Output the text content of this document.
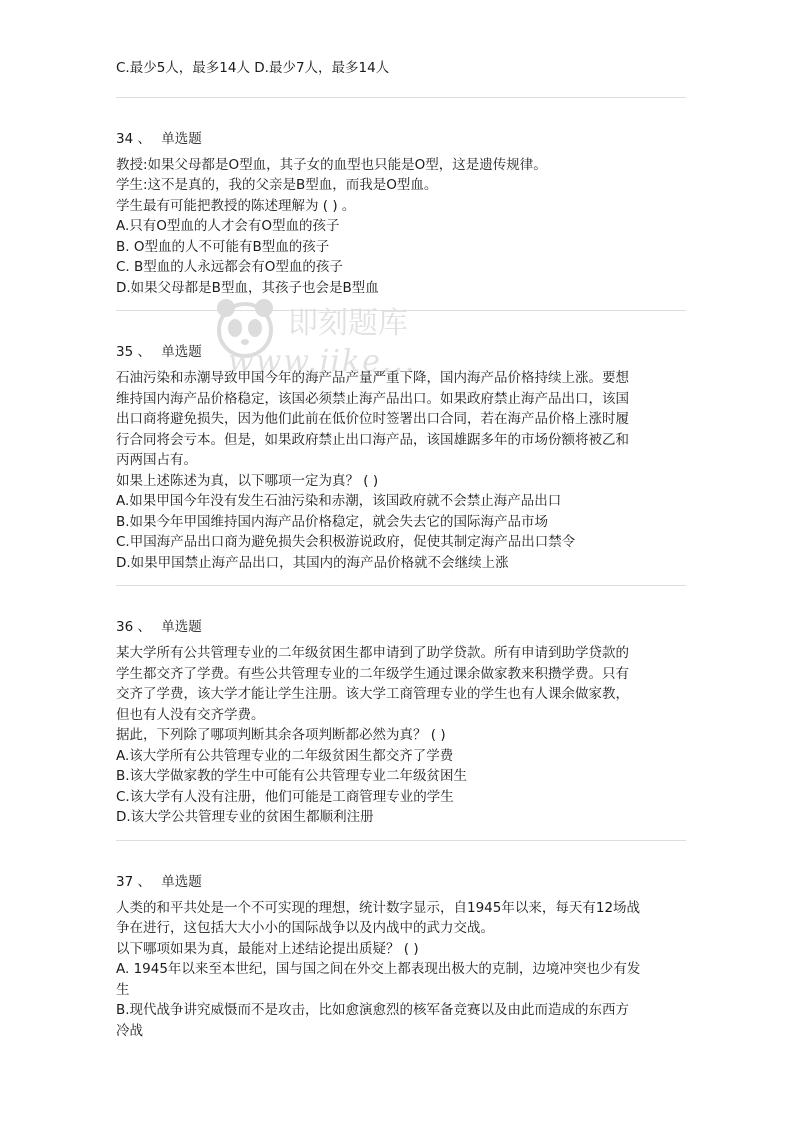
即刻题库
www.jike...
C.最少5人，最多14人 D.最少7人，最多14人
34 、 单选题
教授:如果父母都是O型血，其子女的血型也只能是O型，这是遗传规律。
学生:这不是真的，我的父亲是B型血，而我是O型血。
学生最有可能把教授的陈述理解为 ( ) 。
A.只有O型血的人才会有O型血的孩子
B. O型血的人不可能有B型血的孩子
C. B型血的人永远都会有O型血的孩子
D.如果父母都是B型血，其孩子也会是B型血
35 、 单选题
石油污染和赤潮导致甲国今年的海产品产量严重下降，国内海产品价格持续上涨。要想
维持国内海产品价格稳定，该国必须禁止海产品出口。如果政府禁止海产品出口，该国
出口商将避免损失，因为他们此前在低价位时签署出口合同，若在海产品价格上涨时履
行合同将会亏本。但是，如果政府禁止出口海产品，该国雄踞多年的市场份额将被乙和
丙两国占有。
如果上述陈述为真，以下哪项一定为真？ ( )
A.如果甲国今年没有发生石油污染和赤潮，该国政府就不会禁止海产品出口
B.如果今年甲国维持国内海产品价格稳定，就会失去它的国际海产品市场
C.甲国海产品出口商为避免损失会积极游说政府，促使其制定海产品出口禁令
D.如果甲国禁止海产品出口，其国内的海产品价格就不会继续上涨
36 、 单选题
某大学所有公共管理专业的二年级贫困生都申请到了助学贷款。所有申请到助学贷款的
学生都交齐了学费。有些公共管理专业的二年级学生通过课余做家教来积攒学费。只有
交齐了学费，该大学才能让学生注册。该大学工商管理专业的学生也有人课余做家教，
但也有人没有交齐学费。
据此，下列除了哪项判断其余各项判断都必然为真？ ( )
A.该大学所有公共管理专业的二年级贫困生都交齐了学费
B.该大学做家教的学生中可能有公共管理专业二年级贫困生
C.该大学有人没有注册，他们可能是工商管理专业的学生
D.该大学公共管理专业的贫困生都顺利注册
37 、 单选题
人类的和平共处是一个不可实现的理想，统计数字显示，自1945年以来，每天有12场战
争在进行，这包括大大小小的国际战争以及内战中的武力交战。
以下哪项如果为真，最能对上述结论提出质疑？ ( )
A. 1945年以来至本世纪，国与国之间在外交上都表现出极大的克制，边境冲突也少有发
生
B.现代战争讲究威慑而不是攻击，比如愈演愈烈的核军备竞赛以及由此而造成的东西方
冷战
